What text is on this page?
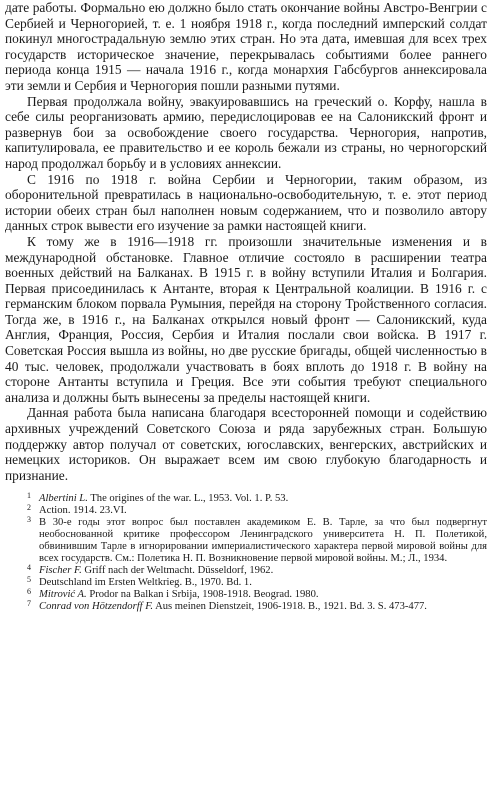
дате работы. Формально ею должно было стать окончание войны Австро-Венгрии с Сербией и Черногорией, т. е. 1 ноября 1918 г., когда последний имперский солдат покинул многострадальную землю этих стран. Но эта дата, имевшая для всех трех государств историческое значение, перекрывалась событиями более раннего периода конца 1915 — начала 1916 г., когда монархия Габсбургов аннексировала эти земли и Сербия и Черногория пошли разными путями.

Первая продолжала войну, эвакуировавшись на греческий о. Корфу, нашла в себе силы реорганизовать армию, передислоцировав ее на Салоникский фронт и развернув бои за освобождение своего государства. Черногория, напротив, капитулировала, ее правительство и ее король бежали из страны, но черногорский народ продолжал борьбу и в условиях аннексии.

С 1916 по 1918 г. война Сербии и Черногории, таким образом, из оборонительной превратилась в национально-освободительную, т. е. этот период истории обеих стран был наполнен новым содержанием, что и позволило автору данных строк вывести его изучение за рамки настоящей книги.

К тому же в 1916—1918 гг. произошли значительные изменения и в международной обстановке. Главное отличие состояло в расширении театра военных действий на Балканах. В 1915 г. в войну вступили Италия и Болгария. Первая присоединилась к Антанте, вторая к Центральной коалиции. В 1916 г. с германским блоком порвала Румыния, перейдя на сторону Тройственного согласия. Тогда же, в 1916 г., на Балканах открылся новый фронт — Салоникский, куда Англия, Франция, Россия, Сербия и Италия послали свои войска. В 1917 г. Советская Россия вышла из войны, но две русские бригады, общей численностью в 40 тыс. человек, продолжали участвовать в боях вплоть до 1918 г. В войну на стороне Антанты вступила и Греция. Все эти события требуют специального анализа и должны быть вынесены за пределы настоящей книги.

Данная работа была написана благодаря всесторонней помощи и содействию архивных учреждений Советского Союза и ряда зарубежных стран. Большую поддержку автор получал от советских, югославских, венгерских, австрийских и немецких историков. Он выражает всем им свою глубокую благодарность и признание.

1 Albertini L. The origines of the war. L., 1953. Vol. 1. P. 53.

2 Action. 1914. 23.VI.

3 В 30-е годы этот вопрос был поставлен академиком Е. В. Тарле, за что был подвергнут необоснованной критике профессором Ленинградского университета Н. П. Полетикой, обвинившим Тарле в игнорировании империалистического характера первой мировой войны для всех государств. См.: Полетика Н. П. Возникновение первой мировой войны. М.; Л., 1934.

4 Fischer F. Griff nach der Weltmacht. Düsseldorf, 1962.

5 Deutschland im Ersten Weltkrieg. B., 1970. Bd. 1.

6 Mitrović A. Prodor na Balkan i Srbija, 1908-1918. Beograd. 1980.

7 Conrad von Hötzendorff F. Aus meinen Dienstzeit, 1906-1918. B., 1921. Bd. 3. S. 473-477.
